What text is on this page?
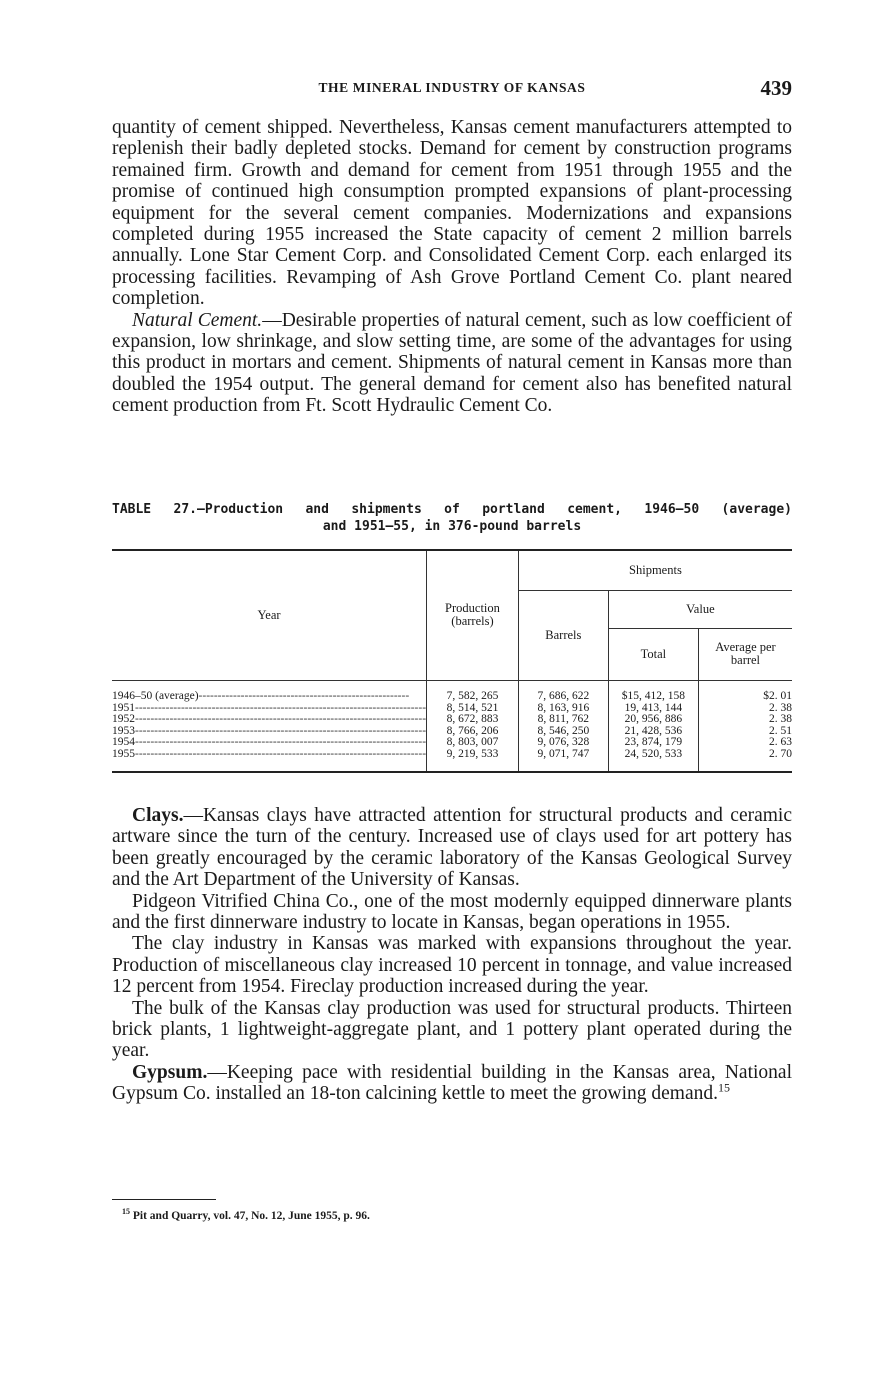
THE MINERAL INDUSTRY OF KANSAS	439

quantity of cement shipped. Nevertheless, Kansas cement manufacturers attempted to replenish their badly depleted stocks. Demand for cement by construction programs remained firm. Growth and demand for cement from 1951 through 1955 and the promise of continued high consumption prompted expansions of plant-processing equipment for the several cement companies. Modernizations and expansions completed during 1955 increased the State capacity of cement 2 million barrels annually. Lone Star Cement Corp. and Consolidated Cement Corp. each enlarged its processing facilities. Revamping of Ash Grove Portland Cement Co. plant neared completion.

Natural Cement.—Desirable properties of natural cement, such as low coefficient of expansion, low shrinkage, and slow setting time, are some of the advantages for using this product in mortars and cement. Shipments of natural cement in Kansas more than doubled the 1954 output. The general demand for cement also has benefited natural cement production from Ft. Scott Hydraulic Cement Co.

TABLE 27.—Production and shipments of portland cement, 1946–50 (average)
and 1951–55, in 376-pound barrels
Year	Production (barrels)	Shipments		
		Barrels	Value	
			Total	Average per barrel

1946–50 (average)-------------------------------------------------------	7, 582, 265	7, 686, 622	$15, 412, 158	$2. 01
1951----------------------------------------------------------------------------	8, 514, 521	8, 163, 916	19, 413, 144	2. 38
1952----------------------------------------------------------------------------	8, 672, 883	8, 811, 762	20, 956, 886	2. 38
1953----------------------------------------------------------------------------	8, 766, 206	8, 546, 250	21, 428, 536	2. 51
1954----------------------------------------------------------------------------	8, 803, 007	9, 076, 328	23, 874, 179	2. 63
1955----------------------------------------------------------------------------	9, 219, 533	9, 071, 747	24, 520, 533	2. 70

Clays.—Kansas clays have attracted attention for structural products and ceramic artware since the turn of the century. Increased use of clays used for art pottery has been greatly encouraged by the ceramic laboratory of the Kansas Geological Survey and the Art Department of the University of Kansas.

Pidgeon Vitrified China Co., one of the most modernly equipped dinnerware plants and the first dinnerware industry to locate in Kansas, began operations in 1955.

The clay industry in Kansas was marked with expansions throughout the year. Production of miscellaneous clay increased 10 percent in tonnage, and value increased 12 percent from 1954. Fireclay production increased during the year.

The bulk of the Kansas clay production was used for structural products. Thirteen brick plants, 1 lightweight-aggregate plant, and 1 pottery plant operated during the year.

Gypsum.—Keeping pace with residential building in the Kansas area, National Gypsum Co. installed an 18-ton calcining kettle to meet the growing demand.$^{15}$

$^{15}$ Pit and Quarry, vol. 47, No. 12, June 1955, p. 96.
